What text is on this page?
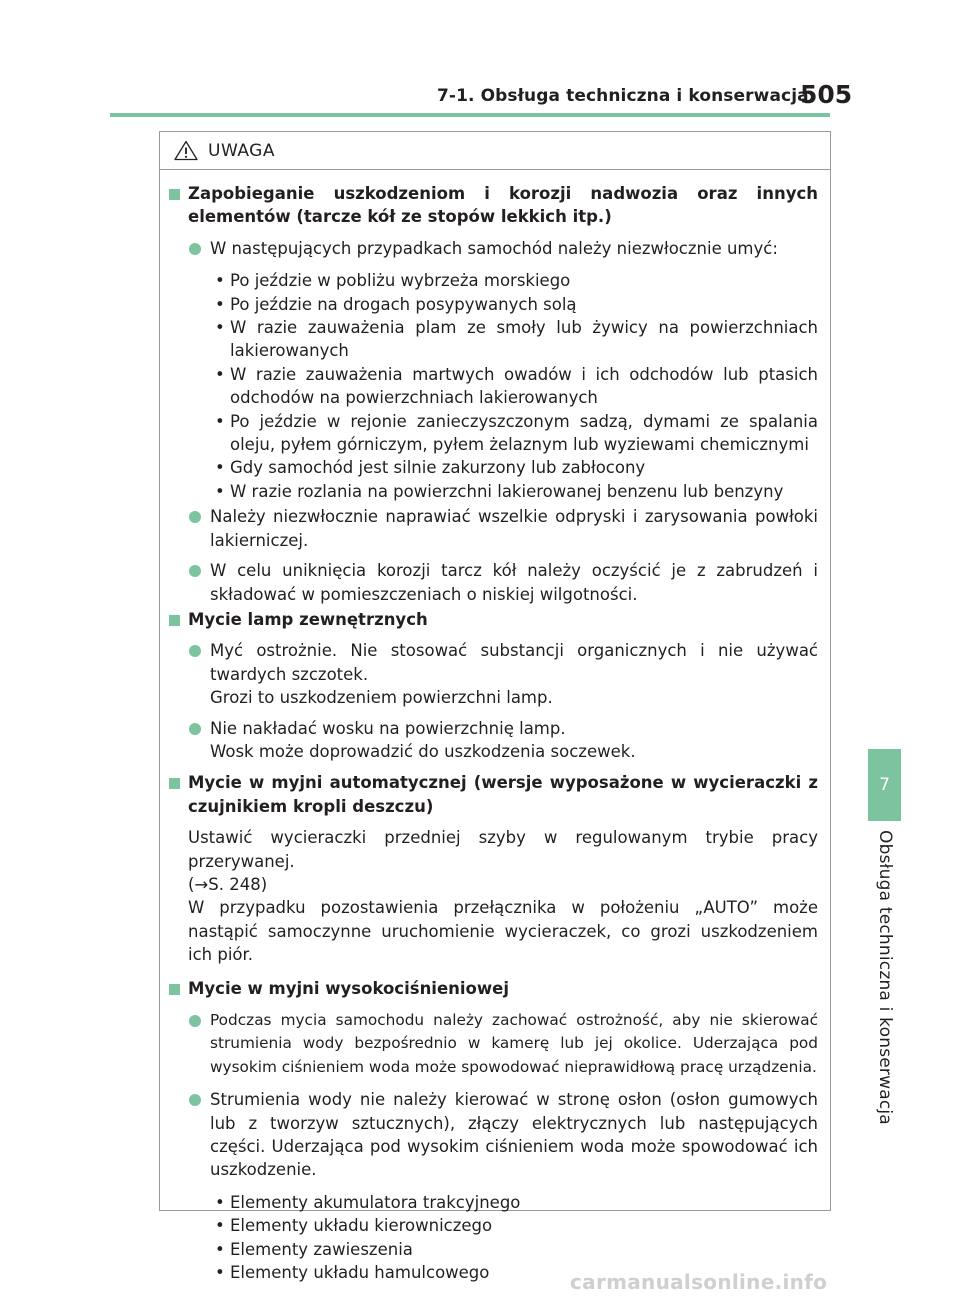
7-1. Obsługa techniczna i konserwacja
505
7
Obsługa techniczna i konserwacja
UWAGA
Zapobieganie uszkodzeniom i korozji nadwozia oraz innych elementów (tarcze kół ze stopów lekkich itp.)
W następujących przypadkach samochód należy niezwłocznie umyć:
• Po jeździe w pobliżu wybrzeża morskiego
• Po jeździe na drogach posypywanych solą
• W razie zauważenia plam ze smoły lub żywicy na powierzchniach lakierowanych
• W razie zauważenia martwych owadów i ich odchodów lub ptasich odchodów na powierzchniach lakierowanych
• Po jeździe w rejonie zanieczyszczonym sadzą, dymami ze spalania oleju, pyłem górniczym, pyłem żelaznym lub wyziewami chemicznymi
• Gdy samochód jest silnie zakurzony lub zabłocony
• W razie rozlania na powierzchni lakierowanej benzenu lub benzyny
Należy niezwłocznie naprawiać wszelkie odpryski i zarysowania powłoki lakierniczej.
W celu uniknięcia korozji tarcz kół należy oczyścić je z zabrudzeń i składować w pomieszczeniach o niskiej wilgotności.
Mycie lamp zewnętrznych
Myć ostrożnie. Nie stosować substancji organicznych i nie używać twardych szczotek.
Grozi to uszkodzeniem powierzchni lamp.
Nie nakładać wosku na powierzchnię lamp.
Wosk może doprowadzić do uszkodzenia soczewek.
Mycie w myjni automatycznej (wersje wyposażone w wycieraczki z czujnikiem kropli deszczu)
Ustawić wycieraczki przedniej szyby w regulowanym trybie pracy przerywanej.
(→S. 248)
W przypadku pozostawienia przełącznika w położeniu „AUTO” może nastąpić samoczynne uruchomienie wycieraczek, co grozi uszkodzeniem ich piór.
Mycie w myjni wysokociśnieniowej
Podczas mycia samochodu należy zachować ostrożność, aby nie skierować strumienia wody bezpośrednio w kamerę lub jej okolice. Uderzająca pod wysokim ciśnieniem woda może spowodować nieprawidłową pracę urządzenia.
Strumienia wody nie należy kierować w stronę osłon (osłon gumowych lub z tworzyw sztucznych), złączy elektrycznych lub następujących części. Uderzająca pod wysokim ciśnieniem woda może spowodować ich uszkodzenie.
• Elementy akumulatora trakcyjnego
• Elementy układu kierowniczego
• Elementy zawieszenia
• Elementy układu hamulcowego	carmanualsonline.info
